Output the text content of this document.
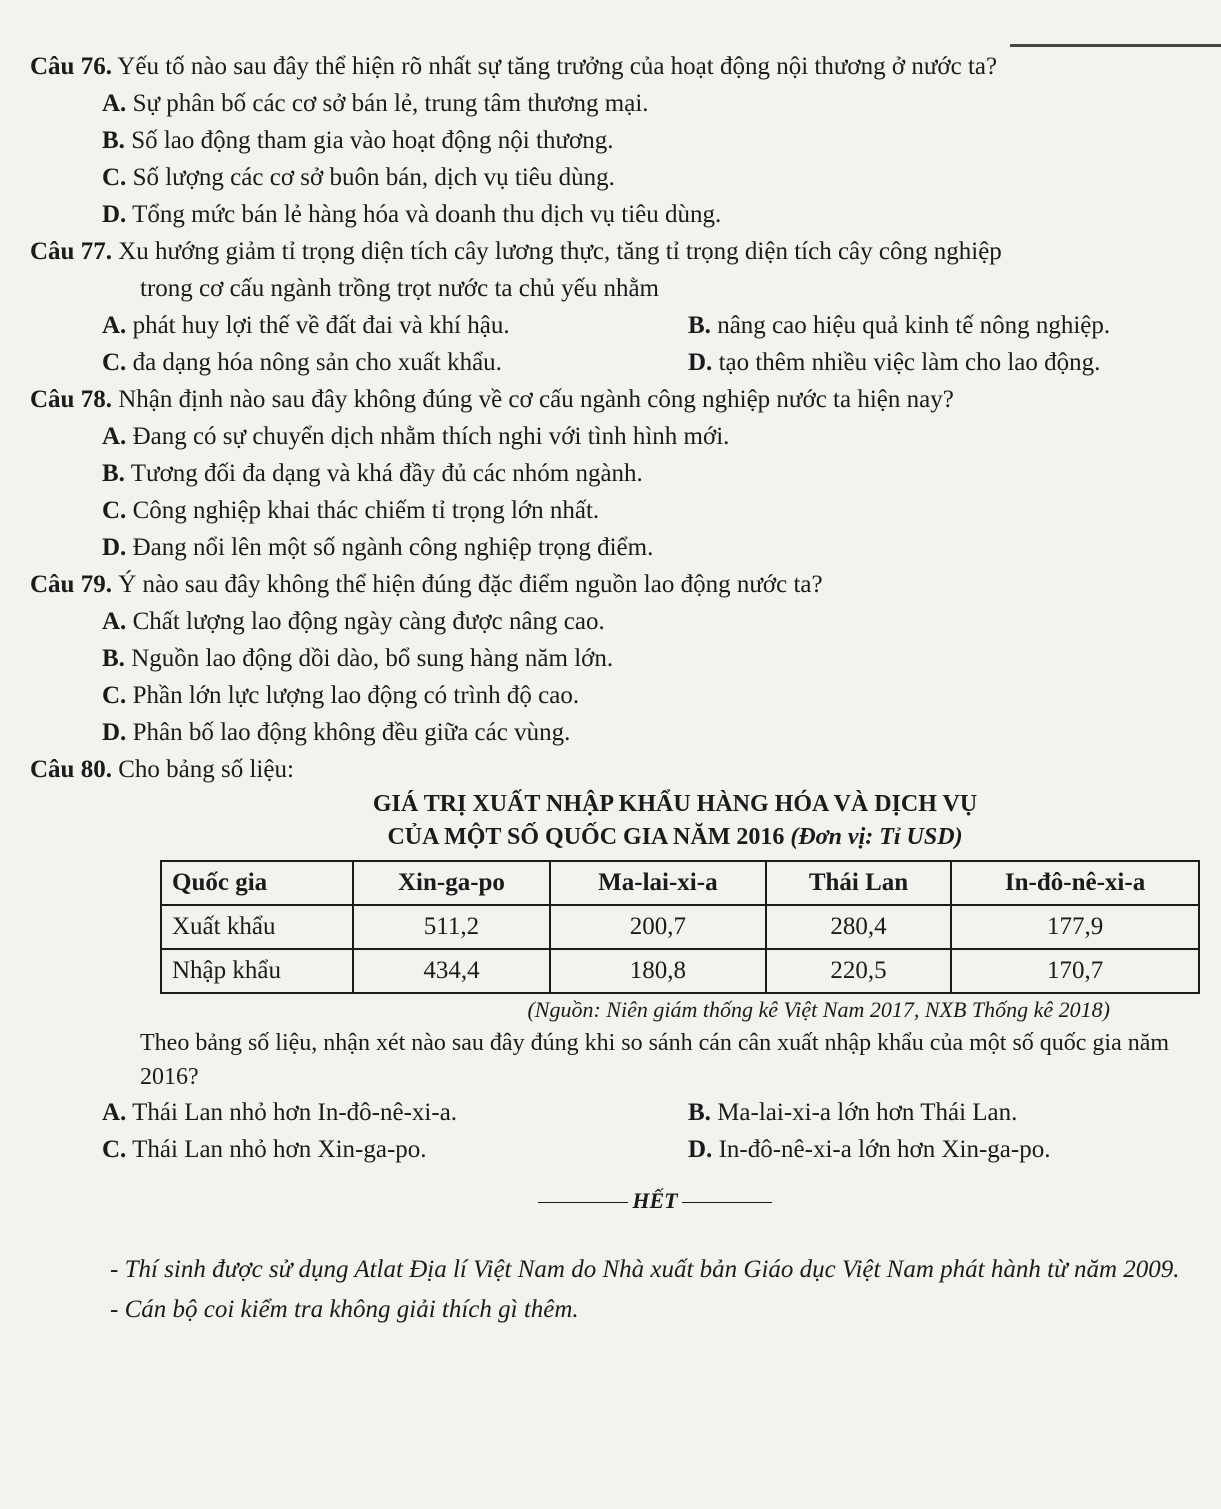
Câu 76. Yếu tố nào sau đây thể hiện rõ nhất sự tăng trưởng của hoạt động nội thương ở nước ta?
A. Sự phân bố các cơ sở bán lẻ, trung tâm thương mại.
B. Số lao động tham gia vào hoạt động nội thương.
C. Số lượng các cơ sở buôn bán, dịch vụ tiêu dùng.
D. Tổng mức bán lẻ hàng hóa và doanh thu dịch vụ tiêu dùng.
Câu 77. Xu hướng giảm tỉ trọng diện tích cây lương thực, tăng tỉ trọng diện tích cây công nghiệp
trong cơ cấu ngành trồng trọt nước ta chủ yếu nhằm
A. phát huy lợi thế về đất đai và khí hậu.	B. nâng cao hiệu quả kinh tế nông nghiệp.
C. đa dạng hóa nông sản cho xuất khẩu.	D. tạo thêm nhiều việc làm cho lao động.
Câu 78. Nhận định nào sau đây không đúng về cơ cấu ngành công nghiệp nước ta hiện nay?
A. Đang có sự chuyển dịch nhằm thích nghi với tình hình mới.
B. Tương đối đa dạng và khá đầy đủ các nhóm ngành.
C. Công nghiệp khai thác chiếm tỉ trọng lớn nhất.
D. Đang nổi lên một số ngành công nghiệp trọng điểm.
Câu 79. Ý nào sau đây không thể hiện đúng đặc điểm nguồn lao động nước ta?
A. Chất lượng lao động ngày càng được nâng cao.
B. Nguồn lao động dồi dào, bổ sung hàng năm lớn.
C. Phần lớn lực lượng lao động có trình độ cao.
D. Phân bố lao động không đều giữa các vùng.
Câu 80. Cho bảng số liệu:
GIÁ TRỊ XUẤT NHẬP KHẨU HÀNG HÓA VÀ DỊCH VỤ
CỦA MỘT SỐ QUỐC GIA NĂM 2016 (Đơn vị: Tỉ USD)
Quốc gia	Xin-ga-po	Ma-lai-xi-a	Thái Lan	In-đô-nê-xi-a
Xuất khẩu	511,2	200,7	280,4	177,9
Nhập khẩu	434,4	180,8	220,5	170,7
(Nguồn: Niên giám thống kê Việt Nam 2017, NXB Thống kê 2018)
Theo bảng số liệu, nhận xét nào sau đây đúng khi so sánh cán cân xuất nhập khẩu của một số quốc gia năm 2016?
A. Thái Lan nhỏ hơn In-đô-nê-xi-a.	B. Ma-lai-xi-a lớn hơn Thái Lan.
C. Thái Lan nhỏ hơn Xin-ga-po.	D. In-đô-nê-xi-a lớn hơn Xin-ga-po.
HẾT

- Thí sinh được sử dụng Atlat Địa lí Việt Nam do Nhà xuất bản Giáo dục Việt Nam phát hành từ năm 2009.

- Cán bộ coi kiểm tra không giải thích gì thêm.
